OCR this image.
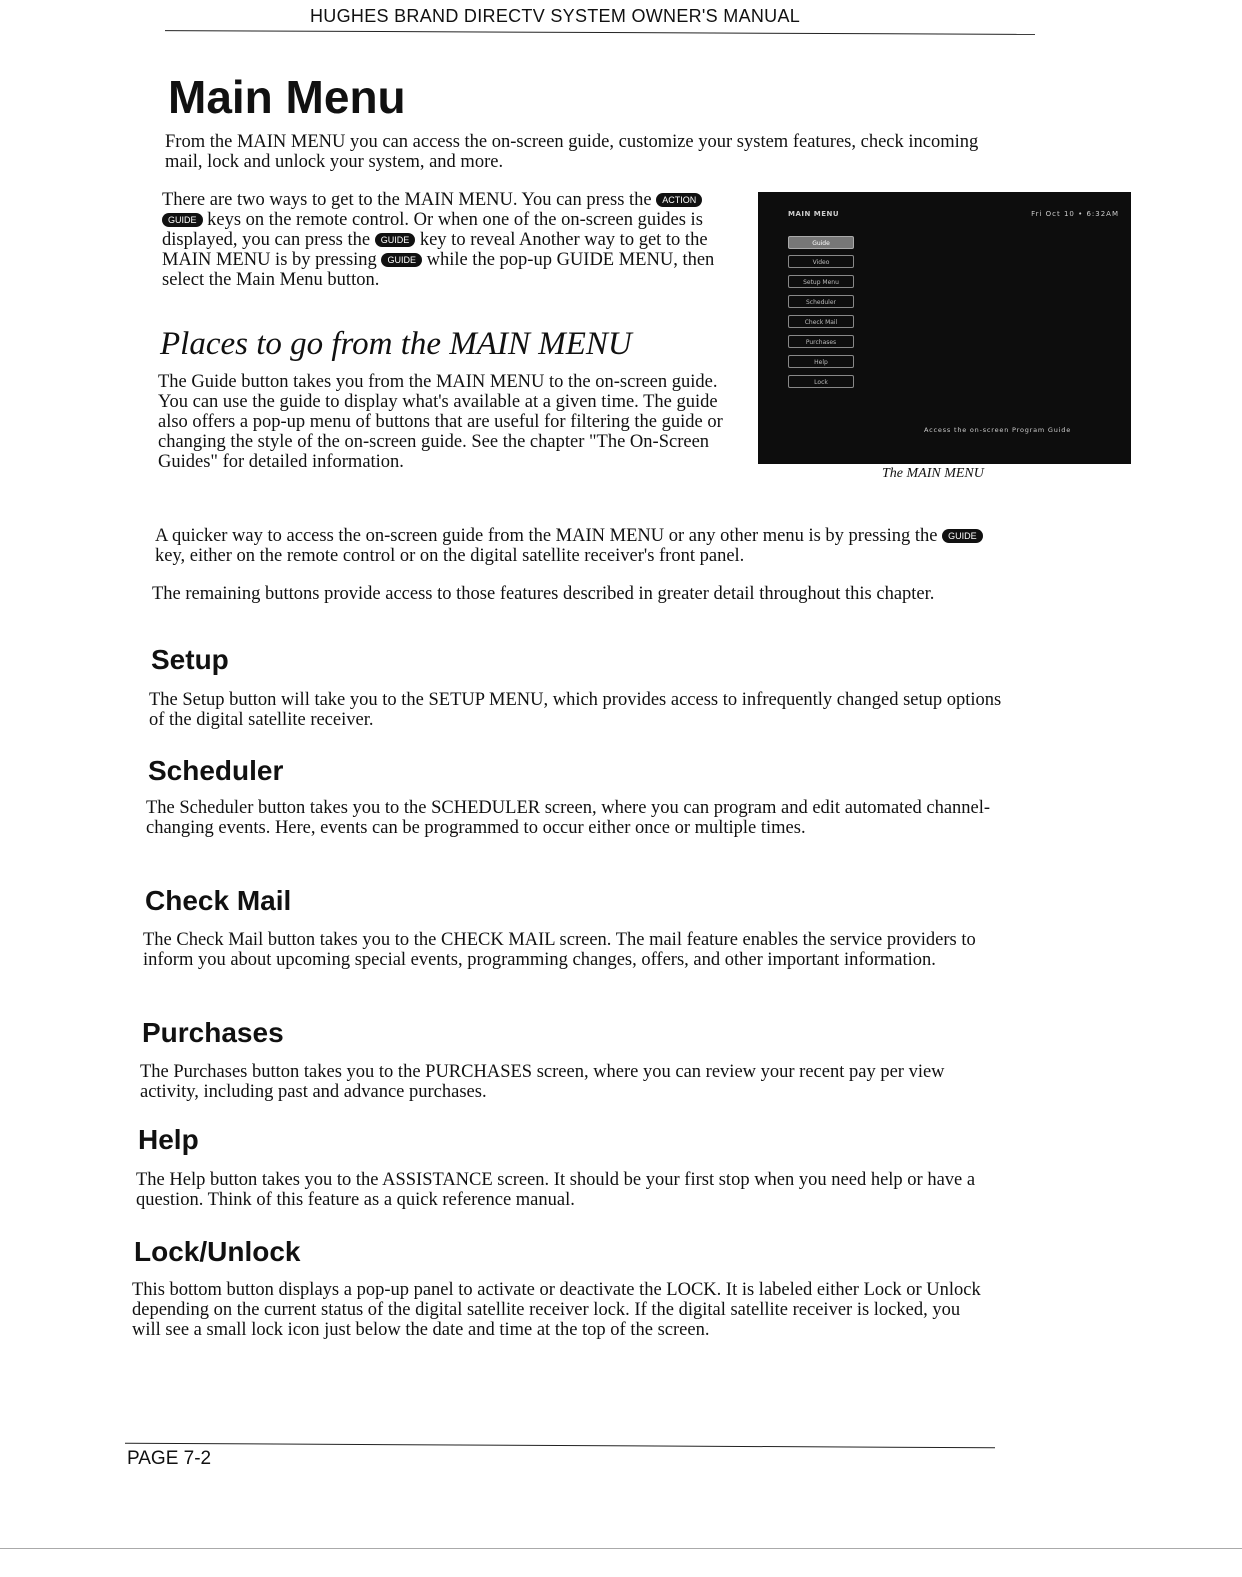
HUGHES BRAND DIRECTV SYSTEM OWNER'S MANUAL
Main Menu

From the MAIN MENU you can access the on-screen guide, customize your system features, check incoming mail, lock and unlock your system, and more.

There are two ways to get to the MAIN MENU. You can press the ACTION GUIDE keys on the remote control. Or when one of the on-screen guides is displayed, you can press the GUIDE key to reveal Another way to get to the MAIN MENU is by pressing GUIDE while the pop-up GUIDE MENU, then select the Main Menu button.

Places to go from the MAIN MENU

The Guide button takes you from the MAIN MENU to the on-screen guide. You can use the guide to display what's available at a given time. The guide also offers a pop-up menu of buttons that are useful for filtering the guide or changing the style of the on-screen guide. See the chapter "The On-Screen Guides" for detailed information.

MAIN MENU	Fri Oct 10 • 6:32AM
Guide
Video
Setup Menu
Scheduler
Check Mail
Purchases
Help
Lock
Access the on-screen Program Guide
The MAIN MENU

A quicker way to access the on-screen guide from the MAIN MENU or any other menu is by pressing the GUIDE key, either on the remote control or on the digital satellite receiver's front panel.

The remaining buttons provide access to those features described in greater detail throughout this chapter.

Setup

The Setup button will take you to the SETUP MENU, which provides access to infrequently changed setup options of the digital satellite receiver.

Scheduler

The Scheduler button takes you to the SCHEDULER screen, where you can program and edit automated channel-changing events. Here, events can be programmed to occur either once or multiple times.

Check Mail

The Check Mail button takes you to the CHECK MAIL screen. The mail feature enables the service providers to inform you about upcoming special events, programming changes, offers, and other important information.

Purchases

The Purchases button takes you to the PURCHASES screen, where you can review your recent pay per view activity, including past and advance purchases.

Help

The Help button takes you to the ASSISTANCE screen. It should be your first stop when you need help or have a question. Think of this feature as a quick reference manual.

Lock/Unlock

This bottom button displays a pop-up panel to activate or deactivate the LOCK. It is labeled either Lock or Unlock depending on the current status of the digital satellite receiver lock. If the digital satellite receiver is locked, you will see a small lock icon just below the date and time at the top of the screen.

PAGE 7-2
